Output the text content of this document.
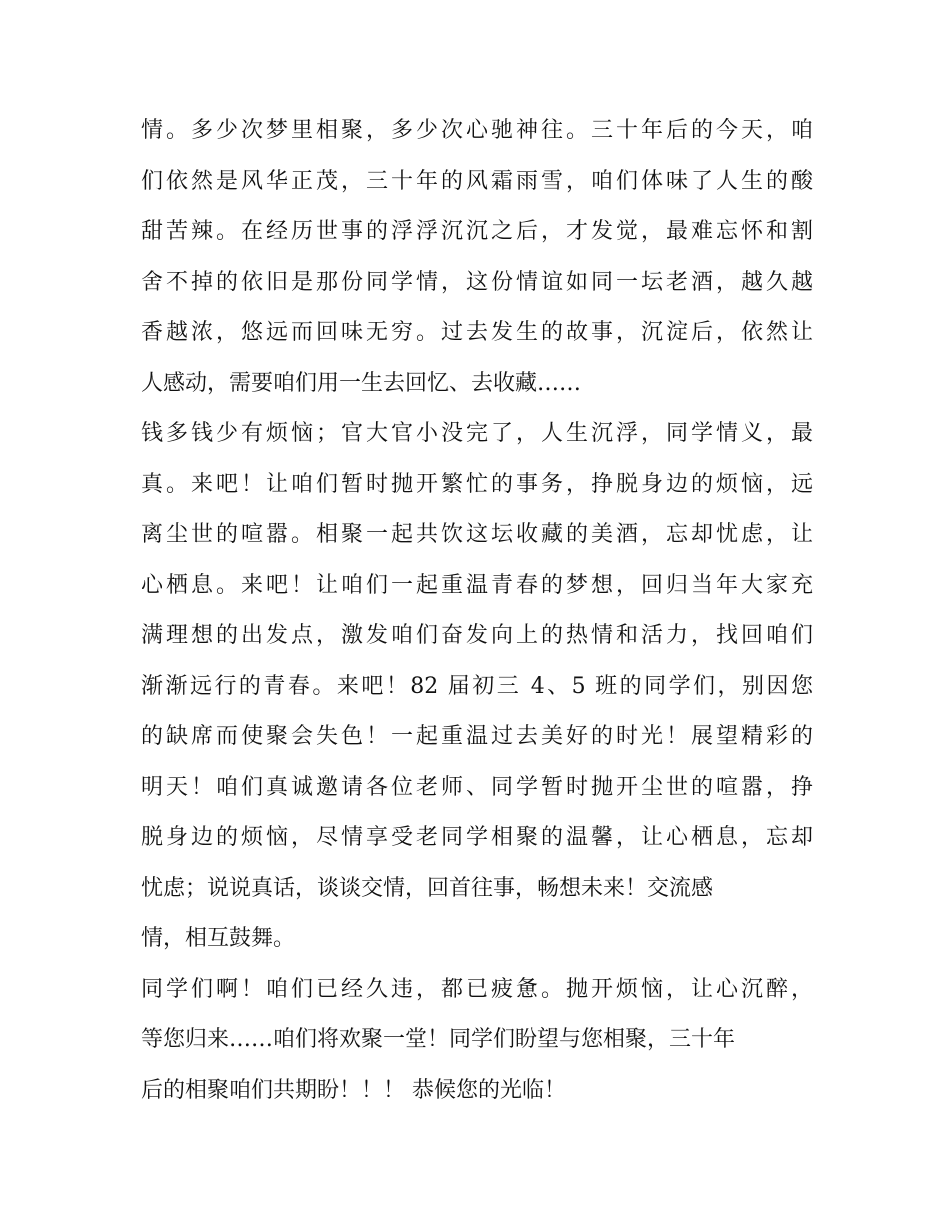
情。多少次梦里相聚，多少次心驰神往。三十年后的今天，咱
们依然是风华正茂，三十年的风霜雨雪，咱们体味了人生的酸
甜苦辣。在经历世事的浮浮沉沉之后，才发觉，最难忘怀和割
舍不掉的依旧是那份同学情，这份情谊如同一坛老酒，越久越
香越浓，悠远而回味无穷。过去发生的故事，沉淀后，依然让
人感动，需要咱们用一生去回忆、去收藏……
钱多钱少有烦恼；官大官小没完了，人生沉浮，同学情义，最
真。来吧！让咱们暂时抛开繁忙的事务，挣脱身边的烦恼，远
离尘世的喧嚣。相聚一起共饮这坛收藏的美酒，忘却忧虑，让
心栖息。来吧！让咱们一起重温青春的梦想，回归当年大家充
满理想的出发点，激发咱们奋发向上的热情和活力，找回咱们
渐渐远行的青春。来吧！82 届初三 4、5 班的同学们，别因您
的缺席而使聚会失色！一起重温过去美好的时光！展望精彩的
明天！咱们真诚邀请各位老师、同学暂时抛开尘世的喧嚣，挣
脱身边的烦恼，尽情享受老同学相聚的温馨，让心栖息，忘却
忧虑；说说真话，谈谈交情，回首往事，畅想未来！交流感
情，相互鼓舞。
同学们啊！咱们已经久违，都已疲惫。抛开烦恼，让心沉醉，
等您归来……咱们将欢聚一堂！同学们盼望与您相聚，三十年
后的相聚咱们共期盼！！！ 恭候您的光临！
